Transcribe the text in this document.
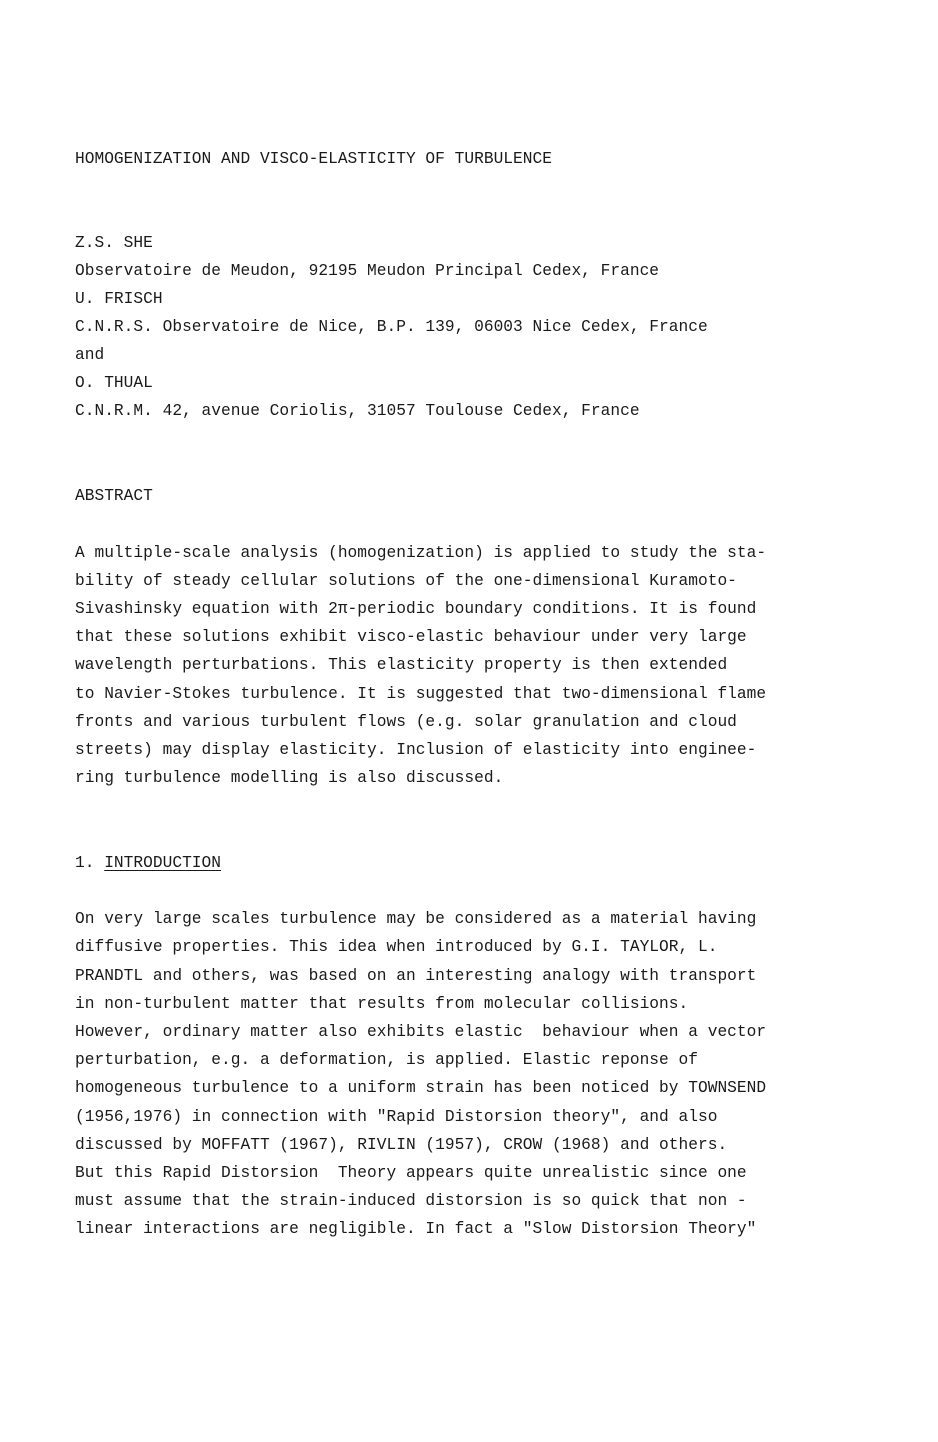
HOMOGENIZATION AND VISCO-ELASTICITY OF TURBULENCE
Z.S. SHE
Observatoire de Meudon, 92195 Meudon Principal Cedex, France
U. FRISCH
C.N.R.S. Observatoire de Nice, B.P. 139, 06003 Nice Cedex, France
and
O. THUAL
C.N.R.M. 42, avenue Coriolis, 31057 Toulouse Cedex, France
ABSTRACT
A multiple-scale analysis (homogenization) is applied to study the sta-
bility of steady cellular solutions of the one-dimensional Kuramoto-
Sivashinsky equation with 2π-periodic boundary conditions. It is found
that these solutions exhibit visco-elastic behaviour under very large
wavelength perturbations. This elasticity property is then extended
to Navier-Stokes turbulence. It is suggested that two-dimensional flame
fronts and various turbulent flows (e.g. solar granulation and cloud
streets) may display elasticity. Inclusion of elasticity into enginee-
ring turbulence modelling is also discussed.
1. INTRODUCTION
On very large scales turbulence may be considered as a material having
diffusive properties. This idea when introduced by G.I. TAYLOR, L.
PRANDTL and others, was based on an interesting analogy with transport
in non-turbulent matter that results from molecular collisions.
However, ordinary matter also exhibits elastic  behaviour when a vector
perturbation, e.g. a deformation, is applied. Elastic reponse of
homogeneous turbulence to a uniform strain has been noticed by TOWNSEND
(1956,1976) in connection with "Rapid Distorsion theory", and also
discussed by MOFFATT (1967), RIVLIN (1957), CROW (1968) and others.
But this Rapid Distorsion  Theory appears quite unrealistic since one
must assume that the strain-induced distorsion is so quick that non -
linear interactions are negligible. In fact a "Slow Distorsion Theory"
